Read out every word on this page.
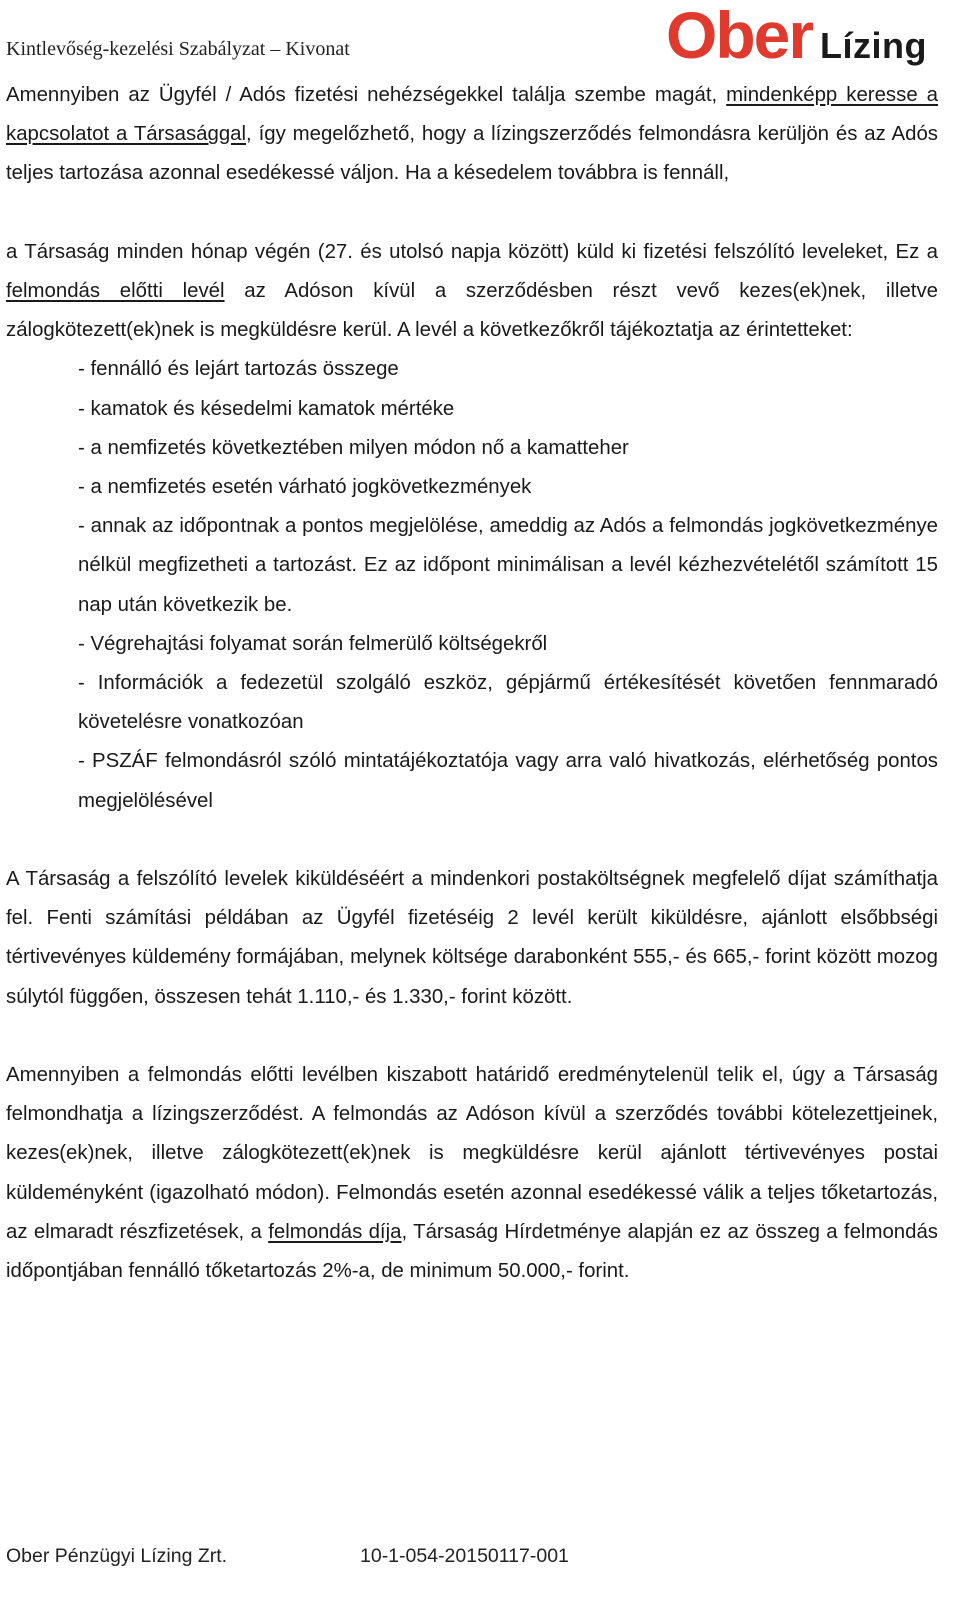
Kintlevőség-kezelési Szabályzat – Kivonat	Ober Lízing

Amennyiben az Ügyfél / Adós fizetési nehézségekkel találja szembe magát, mindenképp keresse a kapcsolatot a Társasággal, így megelőzhető, hogy a lízingszerződés felmondásra kerüljön és az Adós teljes tartozása azonnal esedékessé váljon. Ha a késedelem továbbra is fennáll,

a Társaság minden hónap végén (27. és utolsó napja között) küld ki fizetési felszólító leveleket, Ez a felmondás előtti levél az Adóson kívül a szerződésben részt vevő kezes(ek)nek, illetve zálogkötezett(ek)nek is megküldésre kerül. A levél a következőkről tájékoztatja az érintetteket:

- fennálló és lejárt tartozás összege
- kamatok és késedelmi kamatok mértéke
- a nemfizetés következtében milyen módon nő a kamatteher
- a nemfizetés esetén várható jogkövetkezmények
- annak az időpontnak a pontos megjelölése, ameddig az Adós a felmondás jogkövetkezménye nélkül megfizetheti a tartozást. Ez az időpont minimálisan a levél kézhezvételétől számított 15 nap után következik be.
- Végrehajtási folyamat során felmerülő költségekről
- Információk a fedezetül szolgáló eszköz, gépjármű értékesítését követően fennmaradó követelésre vonatkozóan
- PSZÁF felmondásról szóló mintatájékoztatója vagy arra való hivatkozás, elérhetőség pontos megjelölésével

A Társaság a felszólító levelek kiküldéséért a mindenkori postaköltségnek megfelelő díjat számíthatja fel. Fenti számítási példában az Ügyfél fizetéséig 2 levél került kiküldésre, ajánlott elsőbbségi tértivevényes küldemény formájában, melynek költsége darabonként 555,- és 665,- forint között mozog súlytól függően, összesen tehát 1.110,- és 1.330,- forint között.

Amennyiben a felmondás előtti levélben kiszabott határidő eredménytelenül telik el, úgy a Társaság felmondhatja a lízingszerződést. A felmondás az Adóson kívül a szerződés további kötelezettjeinek, kezes(ek)nek, illetve zálogkötezett(ek)nek is megküldésre kerül ajánlott tértivevényes postai küldeményként (igazolható módon). Felmondás esetén azonnal esedékessé válik a teljes tőketartozás, az elmaradt részfizetések, a felmondás díja, Társaság Hírdetménye alapján ez az összeg a felmondás időpontjában fennálló tőketartozás 2%-a, de minimum 50.000,- forint.

Ober Pénzügyi Lízing Zrt.	10-1-054-20150117-001
